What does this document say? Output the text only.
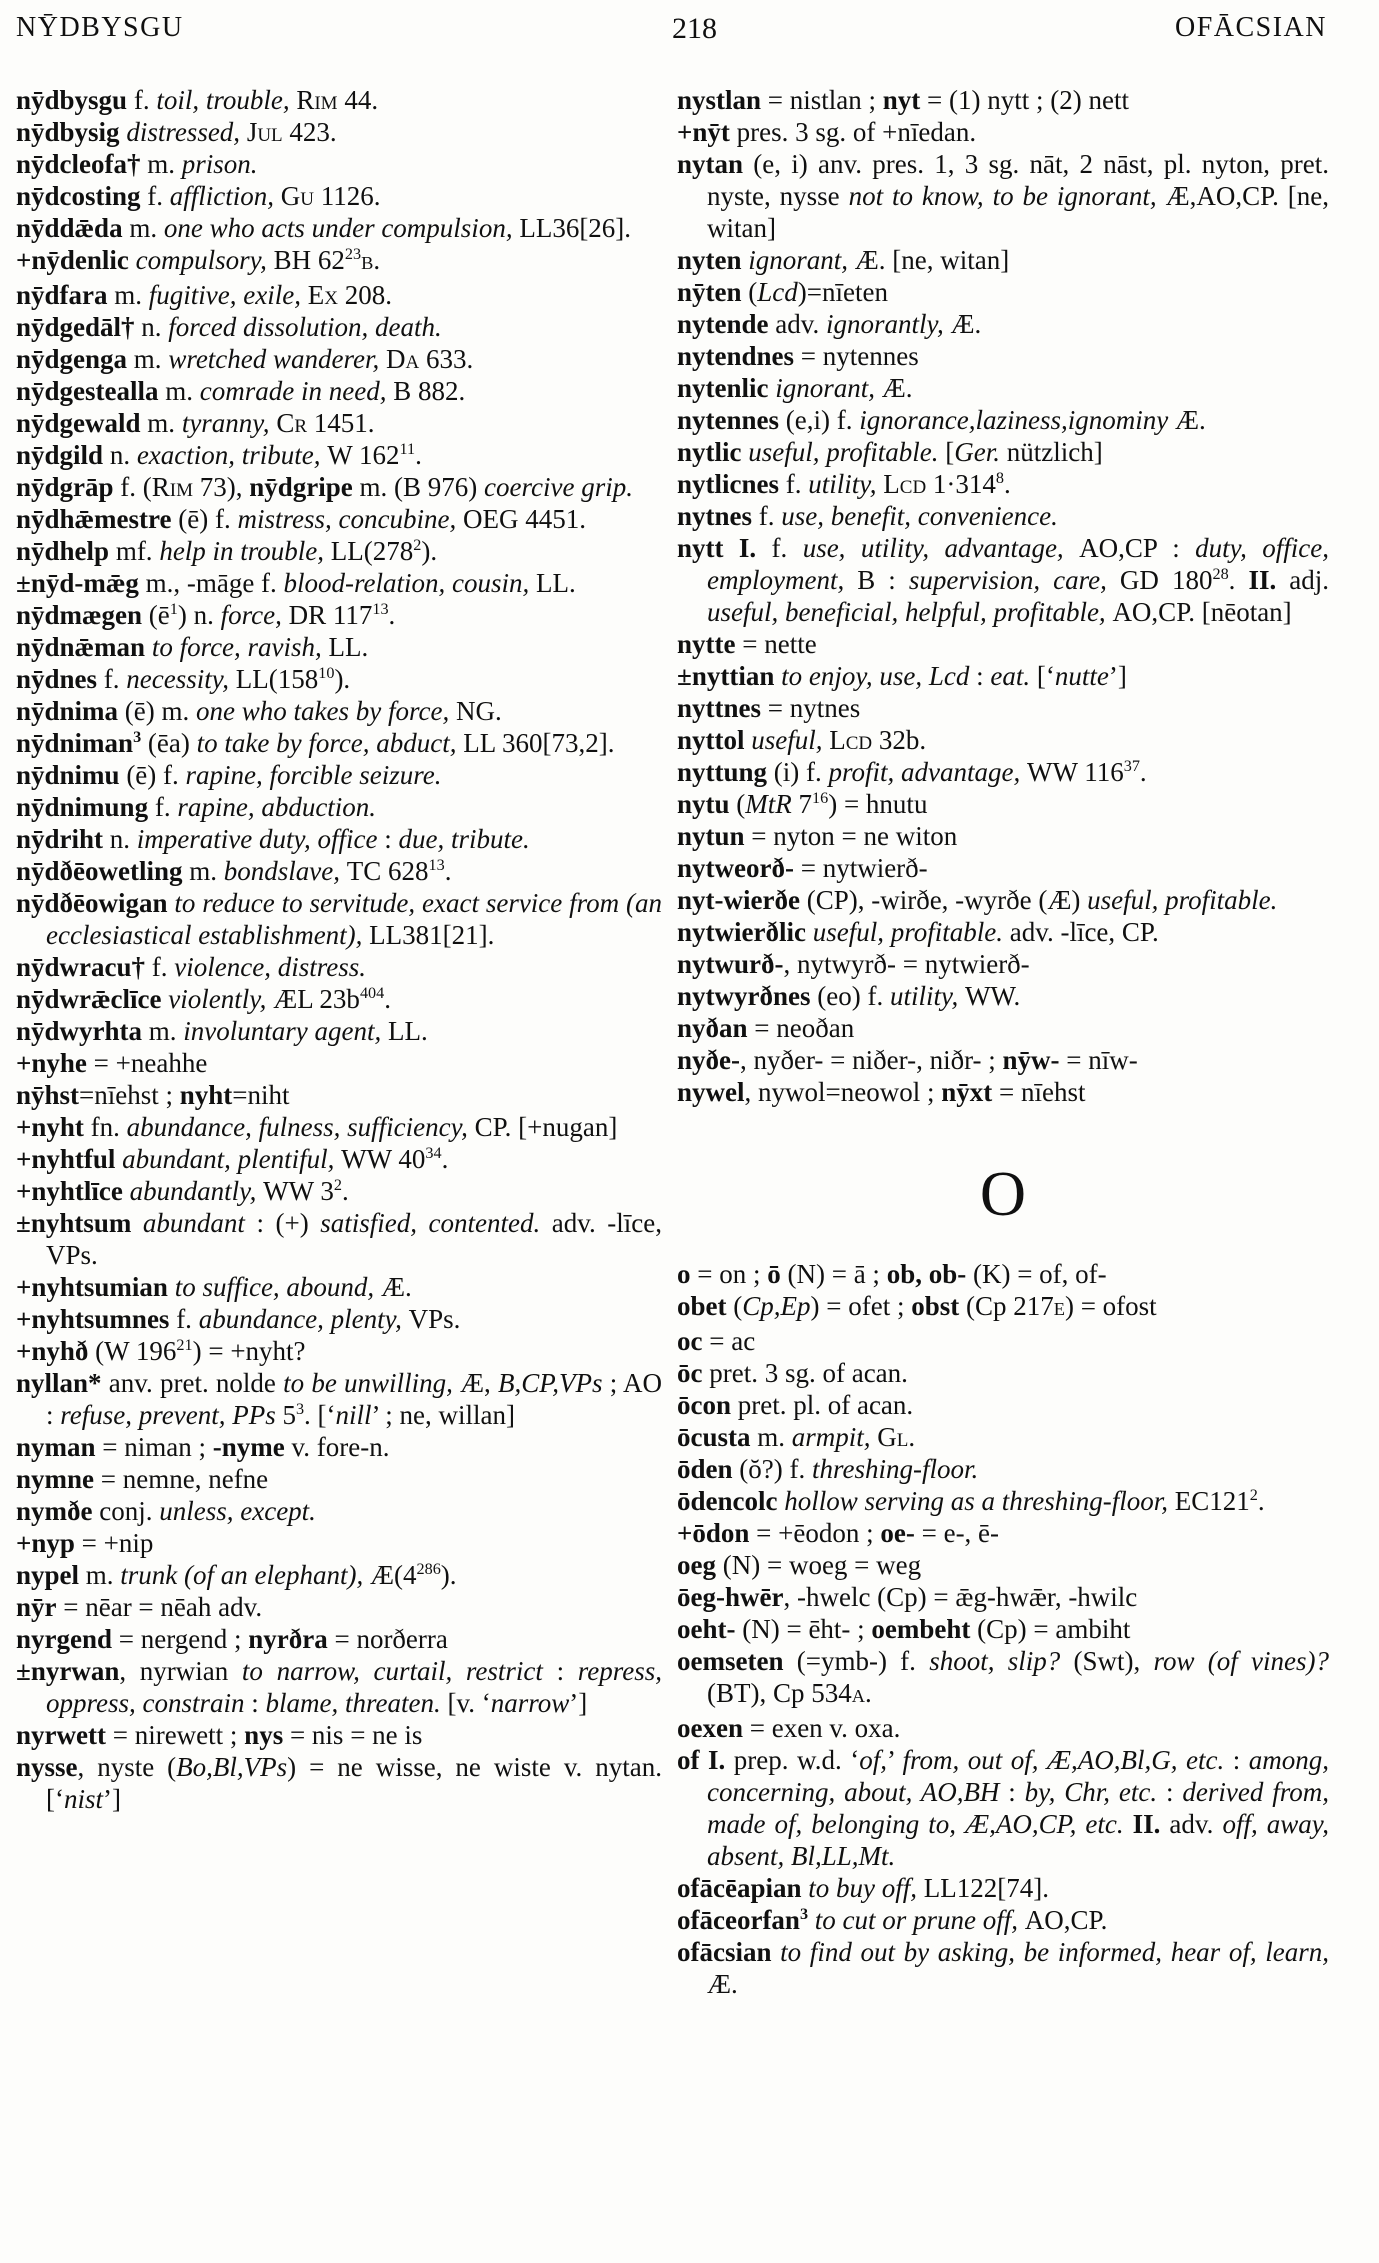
NȲDBYSGU	218	OFĀCSIAN

nȳdbysgu f. toil, trouble, Rim 44.

nȳdbysig distressed, Jul 423.

nȳdcleofa† m. prison.

nȳdcosting f. affliction, Gu 1126.

nȳddǣda m. one who acts under compulsion, LL36[26].

+nȳdenlic compulsory, BH $62^{23}B$.

nȳdfara m. fugitive, exile, Ex 208.

nȳdgedāl† n. forced dissolution, death.

nȳdgenga m. wretched wanderer, Da 633.

nȳdgestealla m. comrade in need, B 882.

nȳdgewald m. tyranny, Cr 1451.

nȳdgild n. exaction, tribute, W $162^{11}$.

nȳdgrāp f. (Rim 73), nȳdgripe m. (B 976) coercive grip.

nȳdhǣmestre (ē) f. mistress, concubine, OEG 4451.

nȳdhelp mf. help in trouble, $LL(278^2)$.

±nȳd-mǣg m., -māge f. blood-relation, cousin, LL.

nȳdmægen $(ē^1)$ n. force, DR $117^{13}$.

nȳdnǣman to force, ravish, LL.

nȳdnes f. necessity, $LL(158^{10})$.

nȳdnima (ē) m. one who takes by force, NG.

nȳdniman$^3$ (ēa) to take by force, abduct, LL 360[73,2].

nȳdnimu (ē) f. rapine, forcible seizure.

nȳdnimung f. rapine, abduction.

nȳdriht n. imperative duty, office : due, tribute.

nȳdðēowetling m. bondslave, TC $628^{13}$.

nȳdðēowigan to reduce to servitude, exact service from (an ecclesiastical establishment), LL381[21].

nȳdwracu† f. violence, distress.

nȳdwrǣclīce violently, ÆL $23b^{404}$.

nȳdwyrhta m. involuntary agent, LL.

+nyhe = +neahhe

nȳhst=nīehst ; nyht=niht

+nyht fn. abundance, fulness, sufficiency, CP. [+nugan]

+nyhtful abundant, plentiful, WW $40^{34}$.

+nyhtlīce abundantly, WW $3^2$.

±nyhtsum abundant : (+) satisfied, contented. adv. -līce, VPs.

+nyhtsumian to suffice, abound, Æ.

+nyhtsumnes f. abundance, plenty, VPs.

+nyhð (W $196^{21}$) = +nyht?

nyllan* anv. pret. nolde to be unwilling, Æ, B,CP,VPs ; AO : refuse, prevent, PPs $5^3$. [‘nill’ ; ne, willan]

nyman = niman ; -nyme v. fore-n.

nymne = nemne, nefne

nymðe conj. unless, except.

+nyp = +nip

nypel m. trunk (of an elephant), $Æ(4^{286})$.

nȳr = nēar = nēah adv.

nyrgend = nergend ; nyrðra = norðerra

±nyrwan, nyrwian to narrow, curtail, restrict : repress, oppress, constrain : blame, threaten. [v. ‘narrow’]

nyrwett = nirewett ; nys = nis = ne is

nysse, nyste (Bo,Bl,VPs) = ne wisse, ne wiste v. nytan. [‘nist’]

nystlan = nistlan ; nyt = (1) nytt ; (2) nett

+nȳt pres. 3 sg. of +nīedan.

nytan (e, i) anv. pres. 1, 3 sg. nāt, 2 nāst, pl. nyton, pret. nyste, nysse not to know, to be ignorant, Æ,AO,CP. [ne, witan]

nyten ignorant, Æ. [ne, witan]

nȳten (Lcd)=nīeten

nytende adv. ignorantly, Æ.

nytendnes = nytennes

nytenlic ignorant, Æ.

nytennes (e,i) f. ignorance,laziness,ignominy Æ.

nytlic useful, profitable. [Ger. nützlich]

nytlicnes f. utility, Lcd $1\cdot 314^8$.

nytnes f. use, benefit, convenience.

nytt I. f. use, utility, advantage, AO,CP : duty, office, employment, B : supervision, care, GD $180^{28}$. II. adj. useful, beneficial, helpful, profitable, AO,CP. [nēotan]

nytte = nette

±nyttian to enjoy, use, Lcd : eat. [‘nutte’]

nyttnes = nytnes

nyttol useful, Lcd 32b.

nyttung (i) f. profit, advantage, WW $116^{37}$.

nytu (MtR $7^{16}$) = hnutu

nytun = nyton = ne witon

nytweorð- = nytwierð-

nyt-wierðe (CP), -wirðe, -wyrðe (Æ) useful, profitable.

nytwierðlic useful, profitable. adv. -līce, CP.

nytwurð-, nytwyrð- = nytwierð-

nytwyrðnes (eo) f. utility, WW.

nyðan = neoðan

nyðe-, nyðer- = niðer-, niðr- ; nȳw- = nīw-

nywel, nywol=neowol ; nȳxt = nīehst

O

o = on ; ō (N) = ā ; ob, ob- (K) = of, of-

obet (Cp,Ep) = ofet ; obst (Cp 217E) = ofost

oc = ac

ōc pret. 3 sg. of acan.

ōcon pret. pl. of acan.

ōcusta m. armpit, Gl.

ōden (ŏ?) f. threshing-floor.

ōdencolc hollow serving as a threshing-floor, $EC121^2$.

+ōdon = +ēodon ; oe- = e-, ē-

oeg (N) = woeg = weg

ōeg-hwēr, -hwelc (Cp) = ǣg-hwǣr, -hwilc

oeht- (N) = ēht- ; oembeht (Cp) = ambiht

oemseten (=ymb-) f. shoot, slip? (Swt), row (of vines)? (BT), Cp 534A.

oexen = exen v. oxa.

of I. prep. w.d. ‘of,’ from, out of, Æ,AO,Bl,G, etc. : among, concerning, about, AO,BH : by, Chr, etc. : derived from, made of, belonging to, Æ,AO,CP, etc. II. adv. off, away, absent, Bl,LL,Mt.

ofācēapian to buy off, LL122[74].

ofāceorfan$^3$ to cut or prune off, AO,CP.

ofācsian to find out by asking, be informed, hear of, learn, Æ.
